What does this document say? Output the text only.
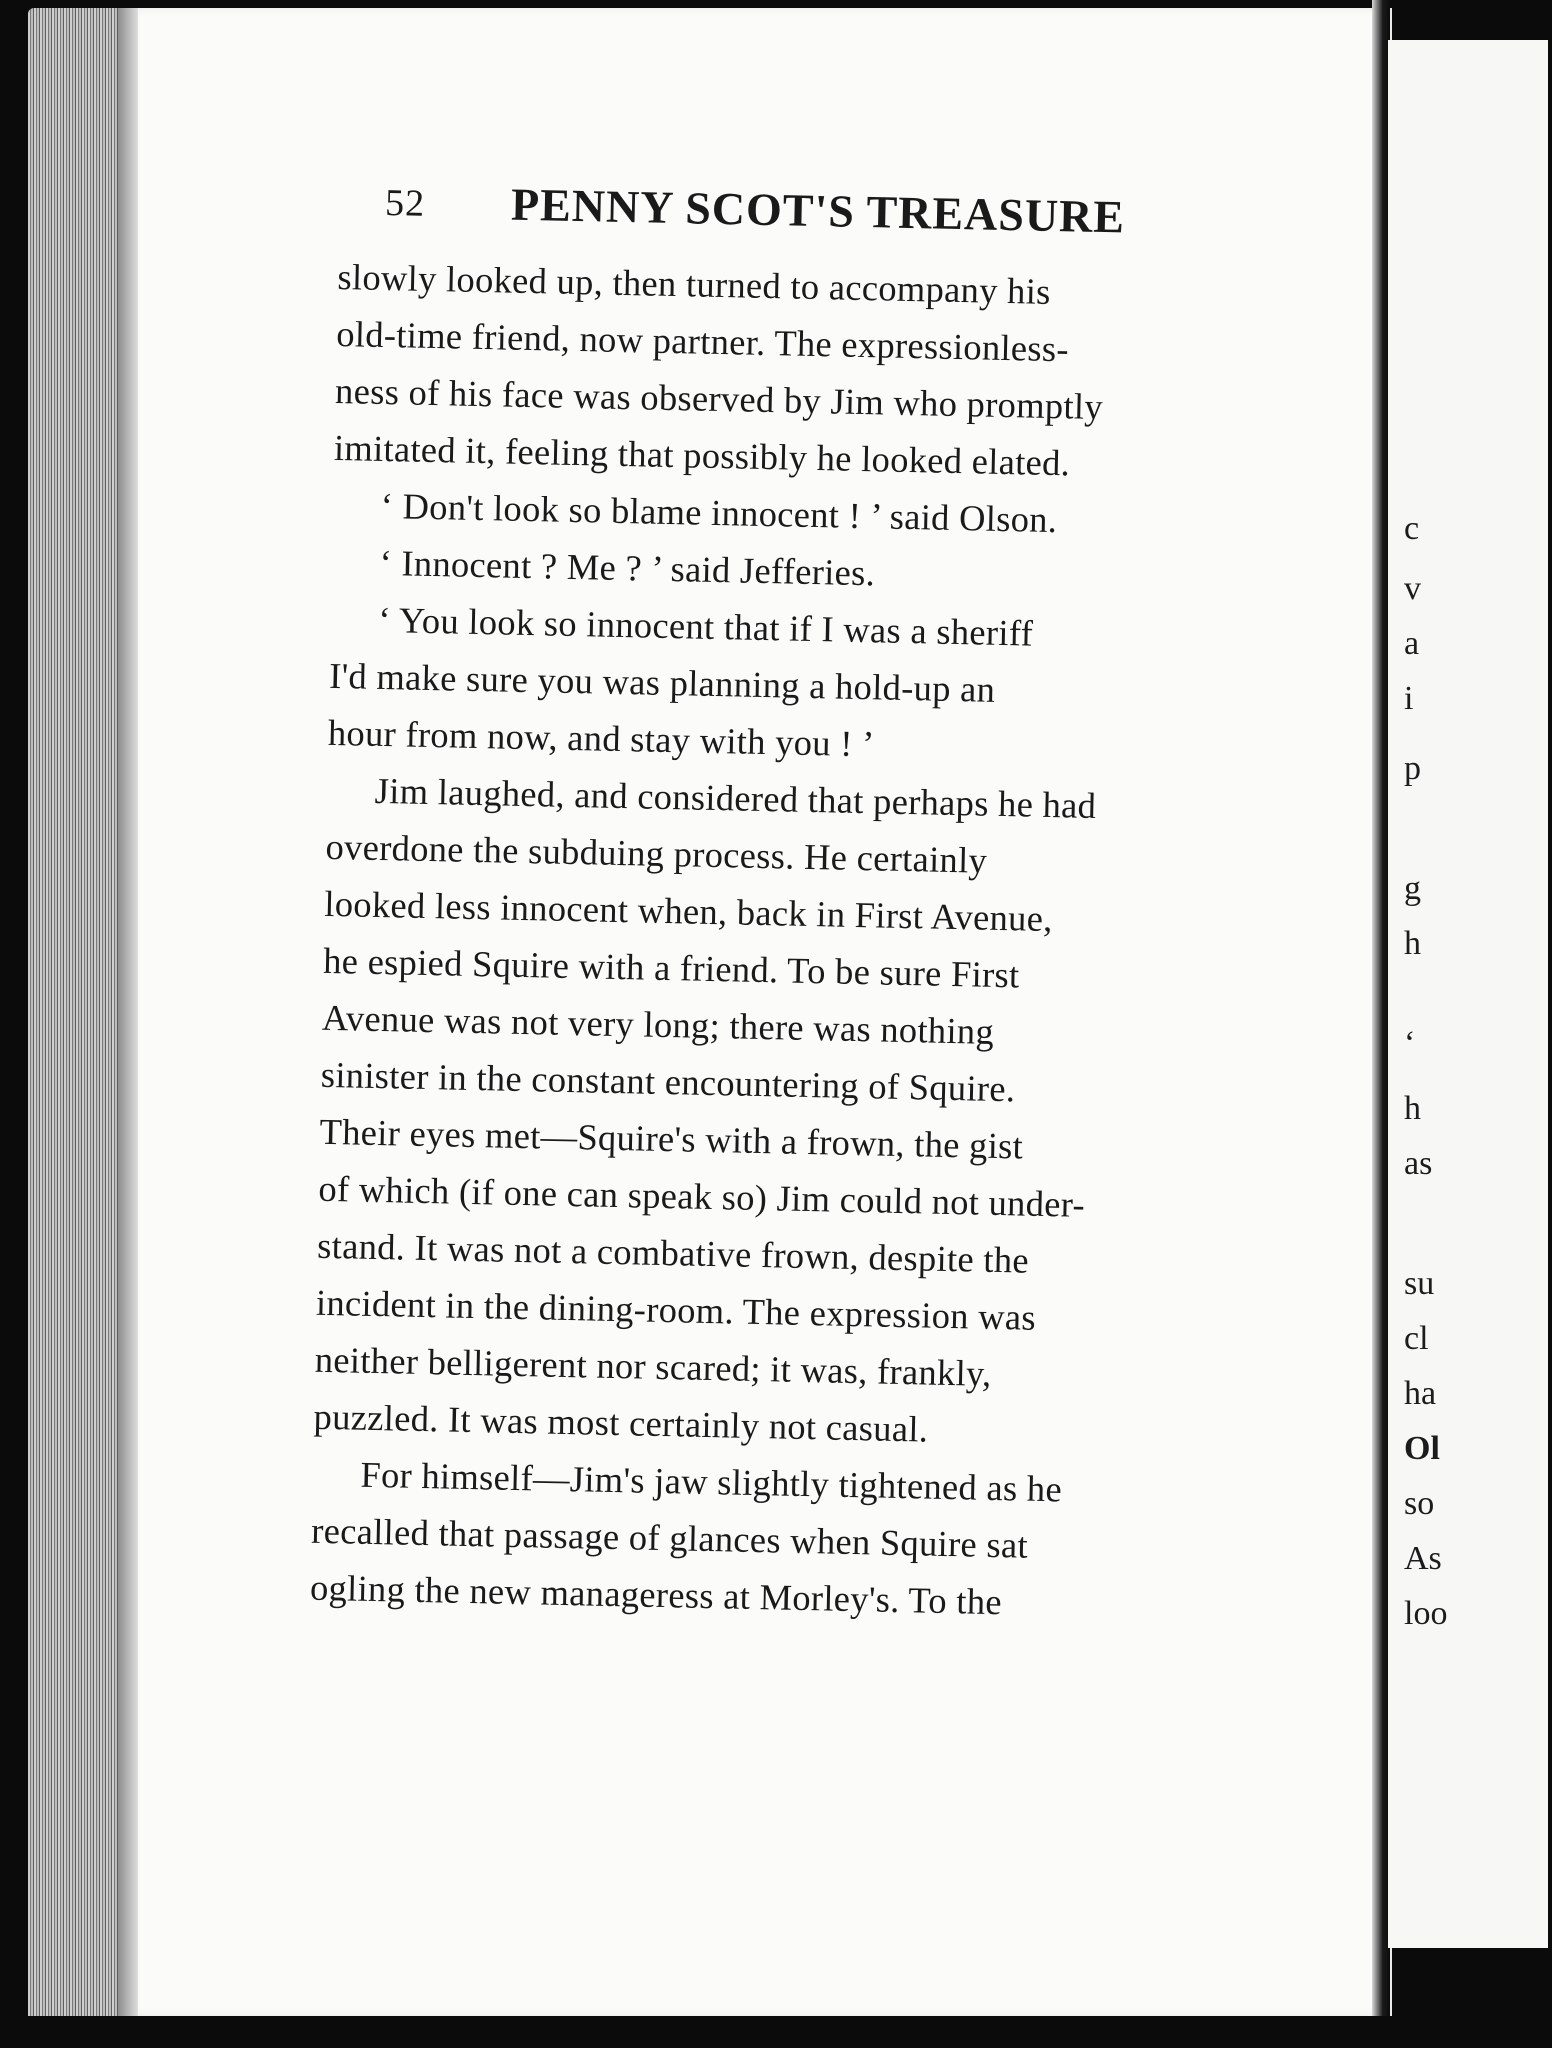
52 PENNY SCOT'S TREASURE
slowly looked up, then turned to accompany his
old-time friend, now partner. The expressionless-
ness of his face was observed by Jim who promptly
imitated it, feeling that possibly he looked elated.
‘ Don't look so blame innocent ! ’ said Olson.
‘ Innocent ? Me ? ’ said Jefferies.
‘ You look so innocent that if I was a sheriff
I'd make sure you was planning a hold-up an
hour from now, and stay with you ! ’
Jim laughed, and considered that perhaps he had
overdone the subduing process. He certainly
looked less innocent when, back in First Avenue,
he espied Squire with a friend. To be sure First
Avenue was not very long; there was nothing
sinister in the constant encountering of Squire.
Their eyes met—Squire's with a frown, the gist
of which (if one can speak so) Jim could not under-
stand. It was not a combative frown, despite the
incident in the dining-room. The expression was
neither belligerent nor scared; it was, frankly,
puzzled. It was most certainly not casual.
For himself—Jim's jaw slightly tightened as he
recalled that passage of glances when Squire sat
ogling the new manageress at Morley's. To the
c
v
a
i
p
g
h
‘
h
as
su
cl
ha
Ol
so
As
loo
